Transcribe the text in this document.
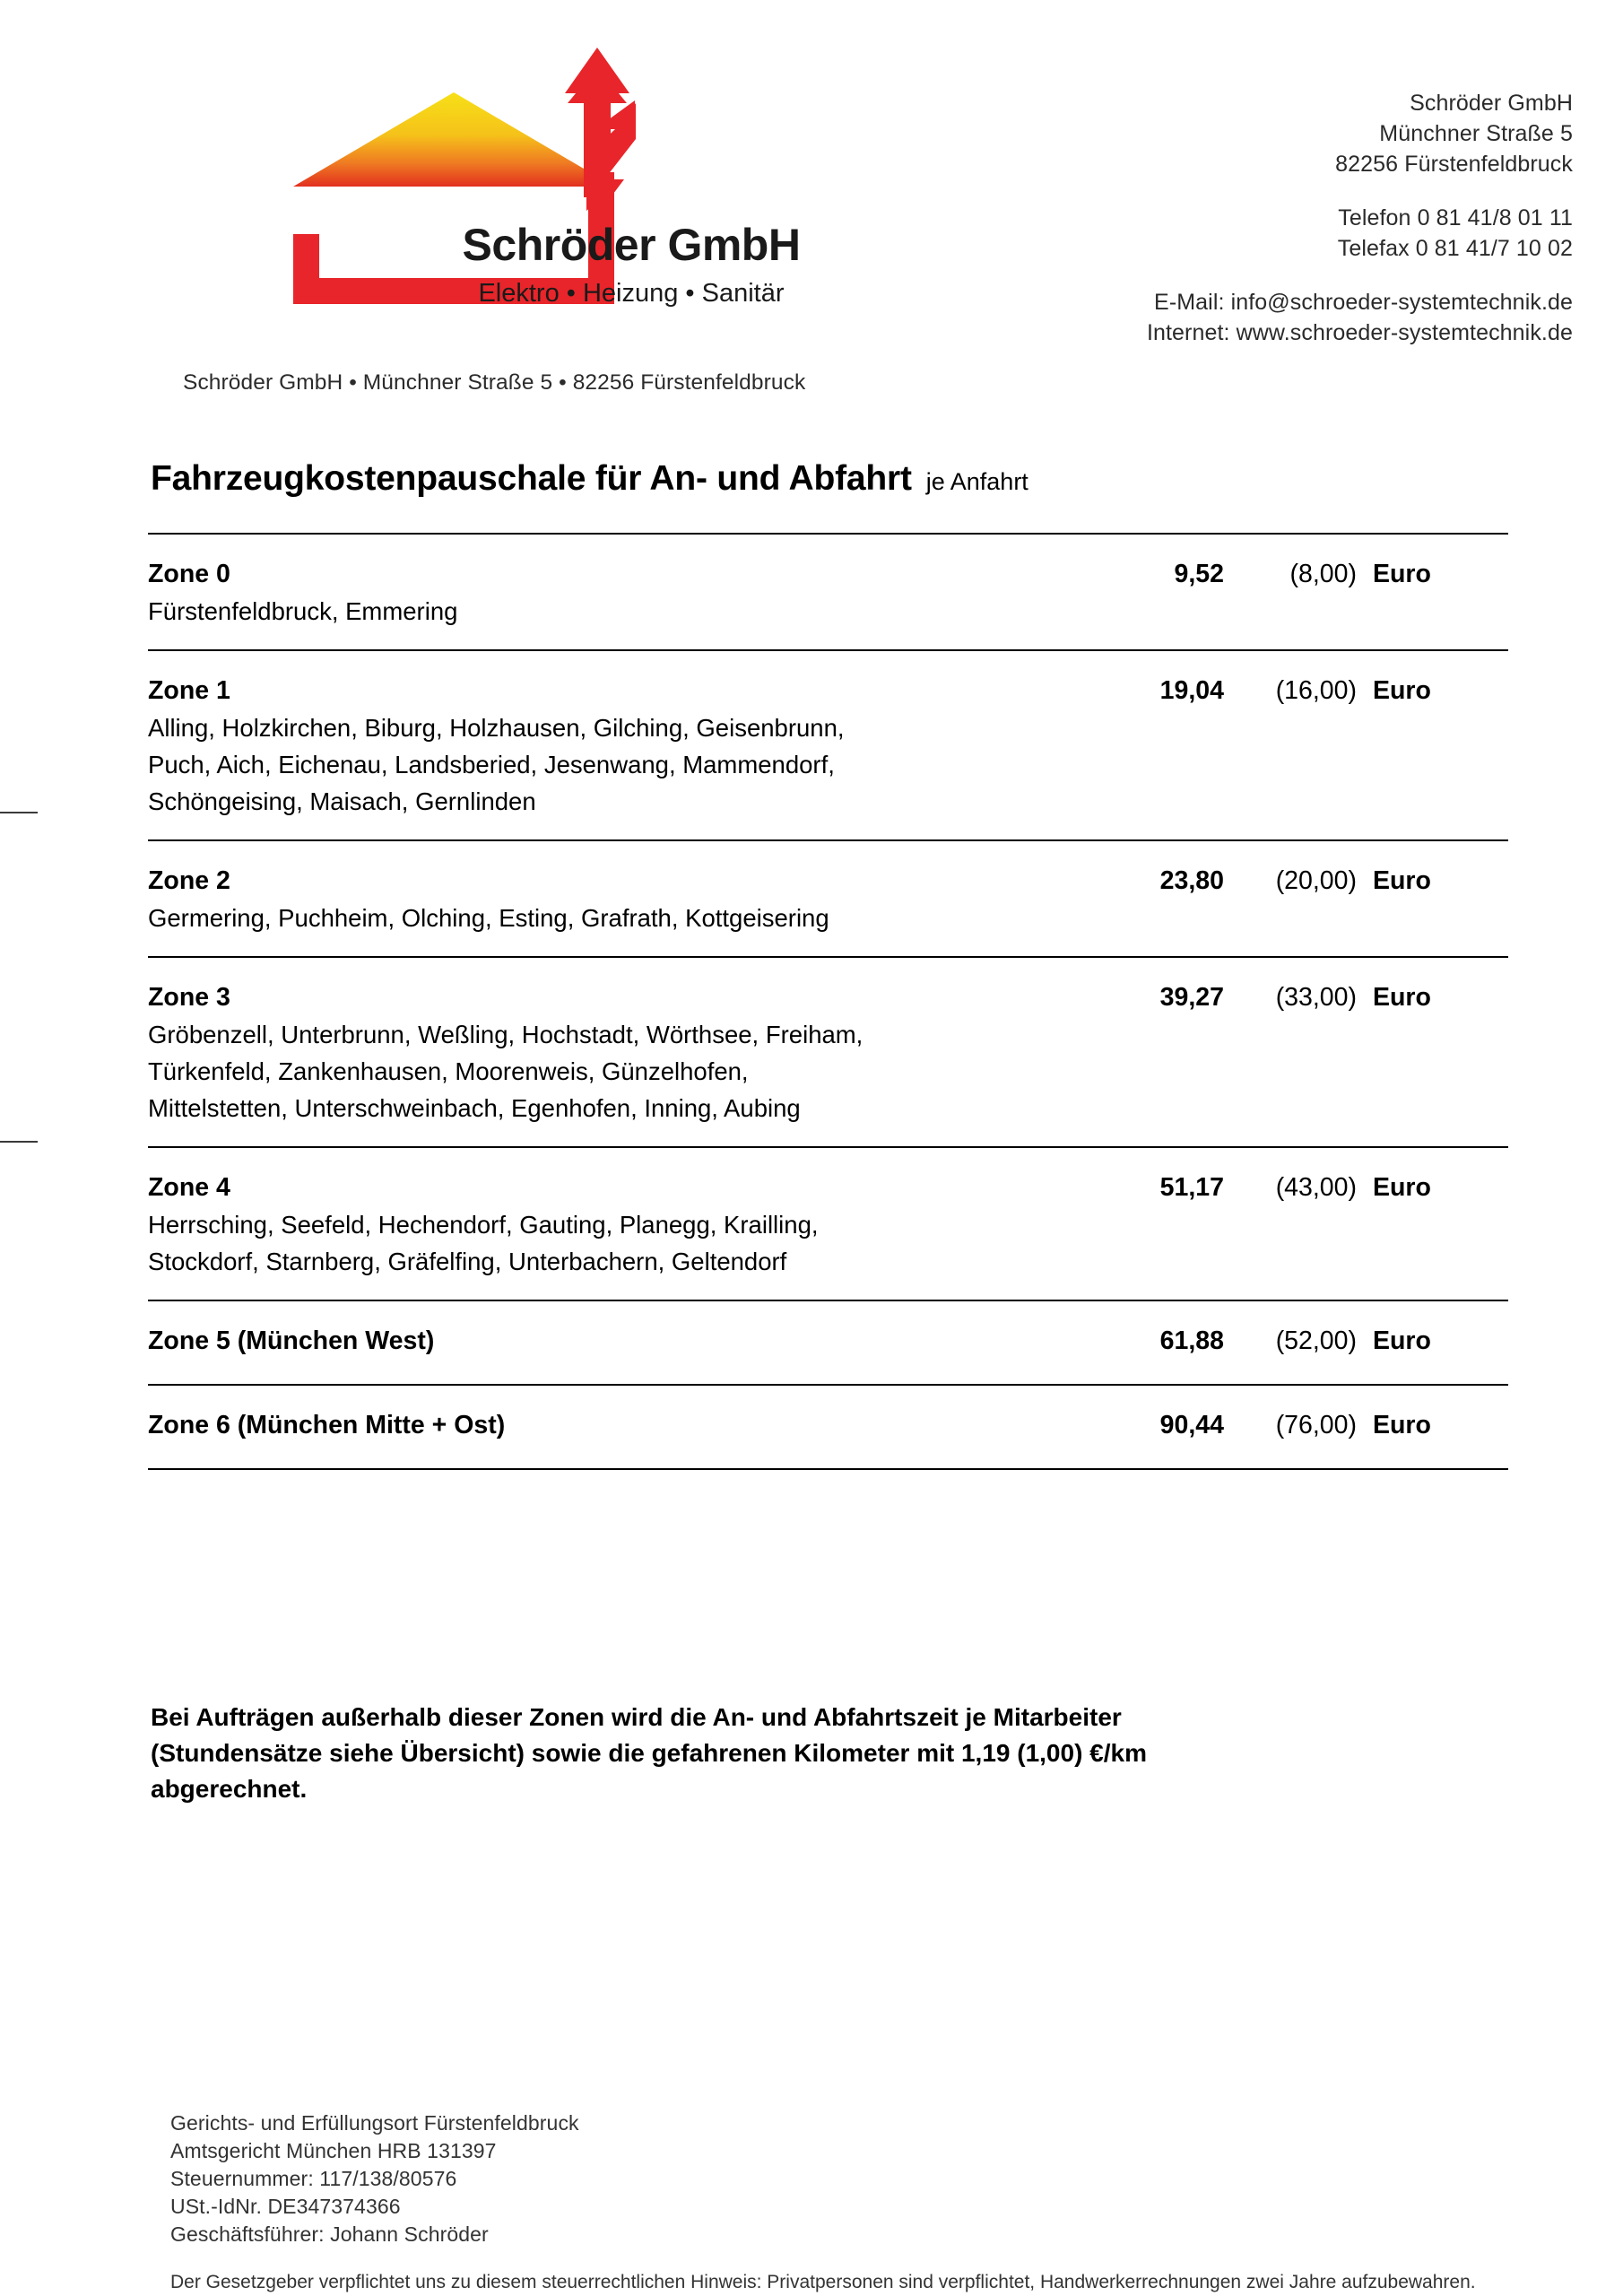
Schröder GmbH
Elektro • Heizung • Sanitär
Schröder GmbH • Münchner Straße 5 • 82256 Fürstenfeldbruck
Schröder GmbH
Münchner Straße 5
82256 Fürstenfeldbruck
Telefon 0 81 41/8 01 11
Telefax 0 81 41/7 10 02
E-Mail: info@schroeder-systemtechnik.de
Internet: www.schroeder-systemtechnik.de
Fahrzeugkostenpauschale für An- und Abfahrt je Anfahrt
Zone 0
Fürstenfeldbruck, Emmering
9,52	(8,00) Euro
Zone 1
Alling, Holzkirchen, Biburg, Holzhausen, Gilching, Geisenbrunn,
Puch, Aich, Eichenau, Landsberied, Jesenwang, Mammendorf,
Schöngeising, Maisach, Gernlinden
19,04	(16,00) Euro
Zone 2
Germering, Puchheim, Olching, Esting, Grafrath, Kottgeisering
23,80	(20,00) Euro
Zone 3
Gröbenzell, Unterbrunn, Weßling, Hochstadt, Wörthsee, Freiham,
Türkenfeld, Zankenhausen, Moorenweis, Günzelhofen,
Mittelstetten, Unterschweinbach, Egenhofen, Inning, Aubing
39,27	(33,00) Euro
Zone 4
Herrsching, Seefeld, Hechendorf, Gauting, Planegg, Krailling,
Stockdorf, Starnberg, Gräfelfing, Unterbachern, Geltendorf
51,17	(43,00) Euro
Zone 5 (München West)	61,88	(52,00) Euro
Zone 6 (München Mitte + Ost)	90,44	(76,00) Euro
Bei Aufträgen außerhalb dieser Zonen wird die An- und Abfahrtszeit je Mitarbeiter
(Stundensätze siehe Übersicht) sowie die gefahrenen Kilometer mit 1,19 (1,00) €/km
abgerechnet.
Gerichts- und Erfüllungsort Fürstenfeldbruck
Amtsgericht München HRB 131397
Steuernummer: 117/138/80576
USt.-IdNr. DE347374366
Geschäftsführer: Johann Schröder
Der Gesetzgeber verpflichtet uns zu diesem steuerrechtlichen Hinweis: Privatpersonen sind verpflichtet, Handwerkerrechnungen zwei Jahre aufzubewahren.
